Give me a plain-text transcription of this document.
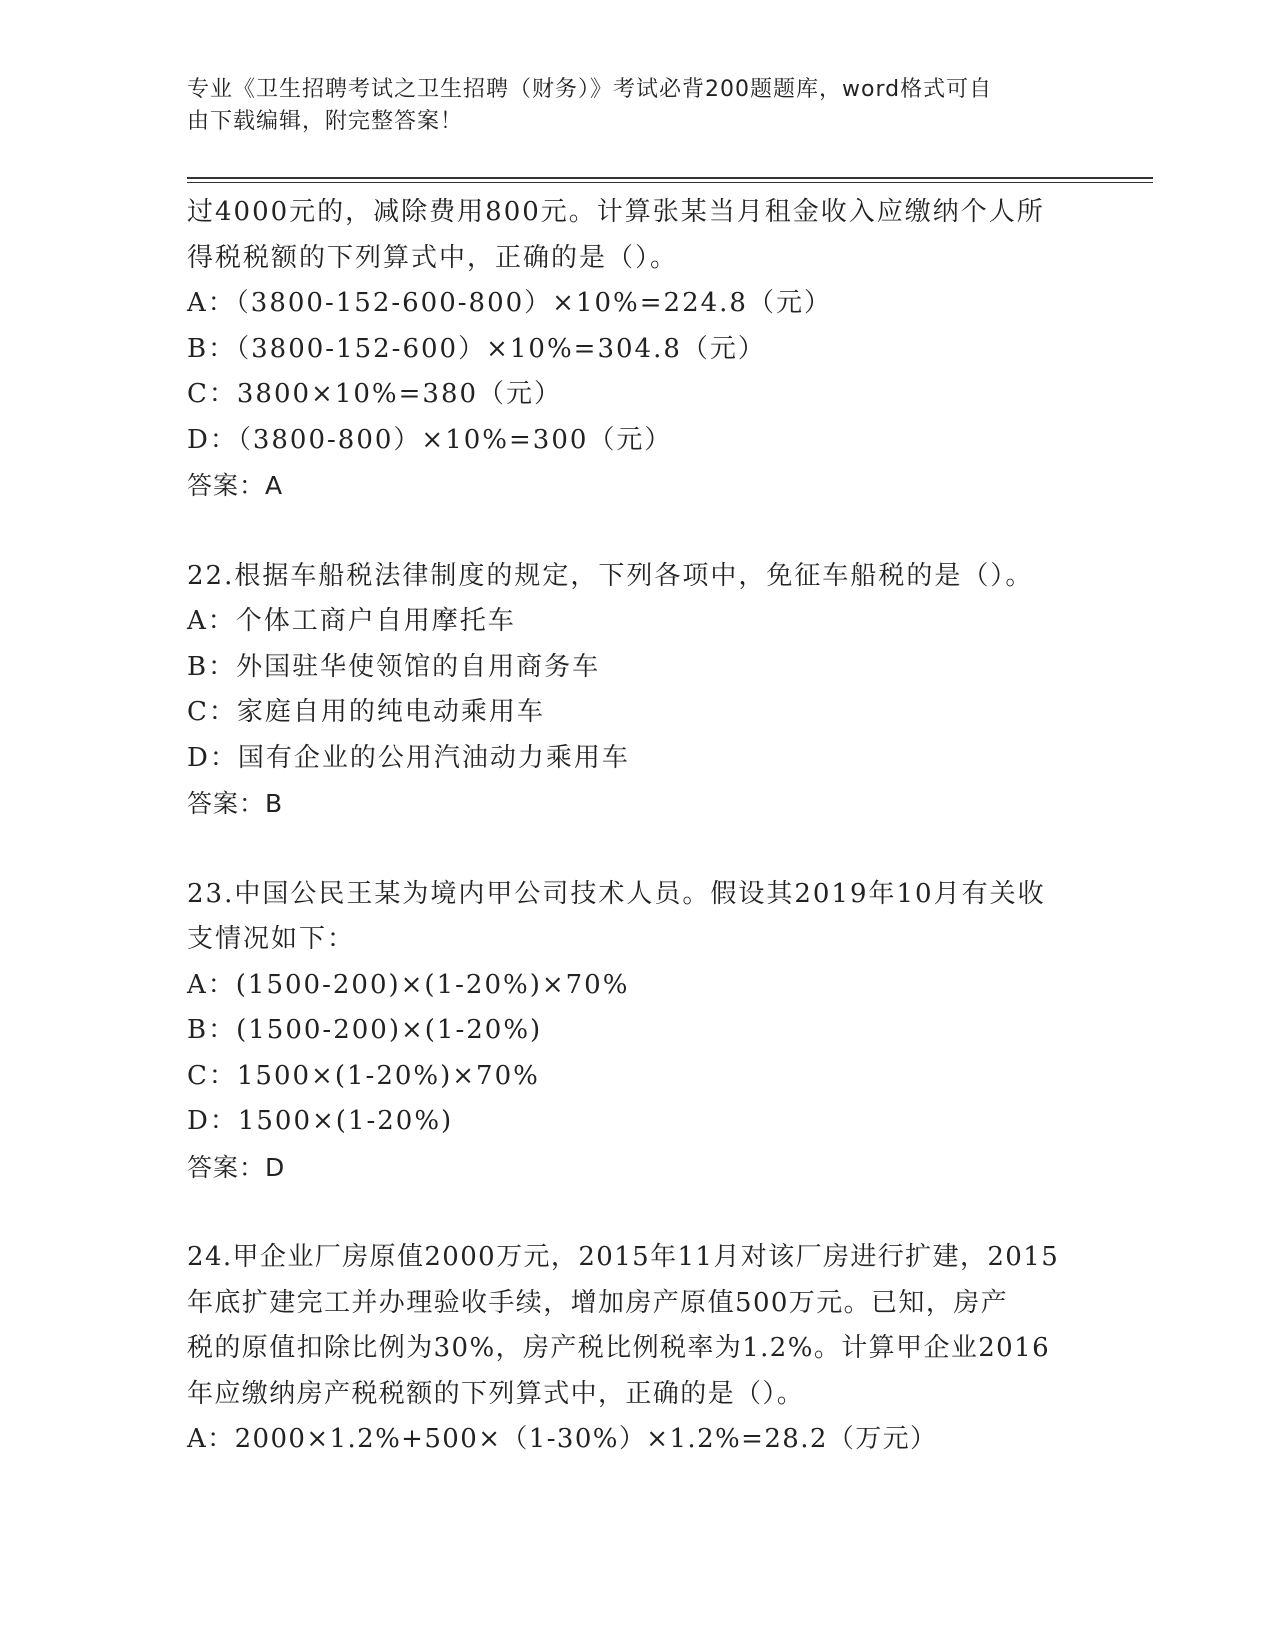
专业《卫生招聘考试之卫生招聘（财务）》考试必背200题题库，word格式可自
由下载编辑，附完整答案！
过4000元的，减除费用800元。计算张某当月租金收入应缴纳个人所
得税税额的下列算式中，正确的是（）。
A：（3800-152-600-800）×10%=224.8（元）
B：（3800-152-600）×10%=304.8（元）
C：3800×10%=380（元）
D：（3800-800）×10%=300（元）
答案：A
22.根据车船税法律制度的规定，下列各项中，免征车船税的是（）。
A：个体工商户自用摩托车
B：外国驻华使领馆的自用商务车
C：家庭自用的纯电动乘用车
D：国有企业的公用汽油动力乘用车
答案：B
23.中国公民王某为境内甲公司技术人员。假设其2019年10月有关收
支情况如下：
A：(1500-200)×(1-20%)×70%
B：(1500-200)×(1-20%)
C：1500×(1-20%)×70%
D：1500×(1-20%)
答案：D
24.甲企业厂房原值2000万元，2015年11月对该厂房进行扩建，2015
年底扩建完工并办理验收手续，增加房产原值500万元。已知，房产
税的原值扣除比例为30%，房产税比例税率为1.2%。计算甲企业2016
年应缴纳房产税税额的下列算式中，正确的是（）。
A：2000×1.2%+500×（1-30%）×1.2%=28.2（万元）
